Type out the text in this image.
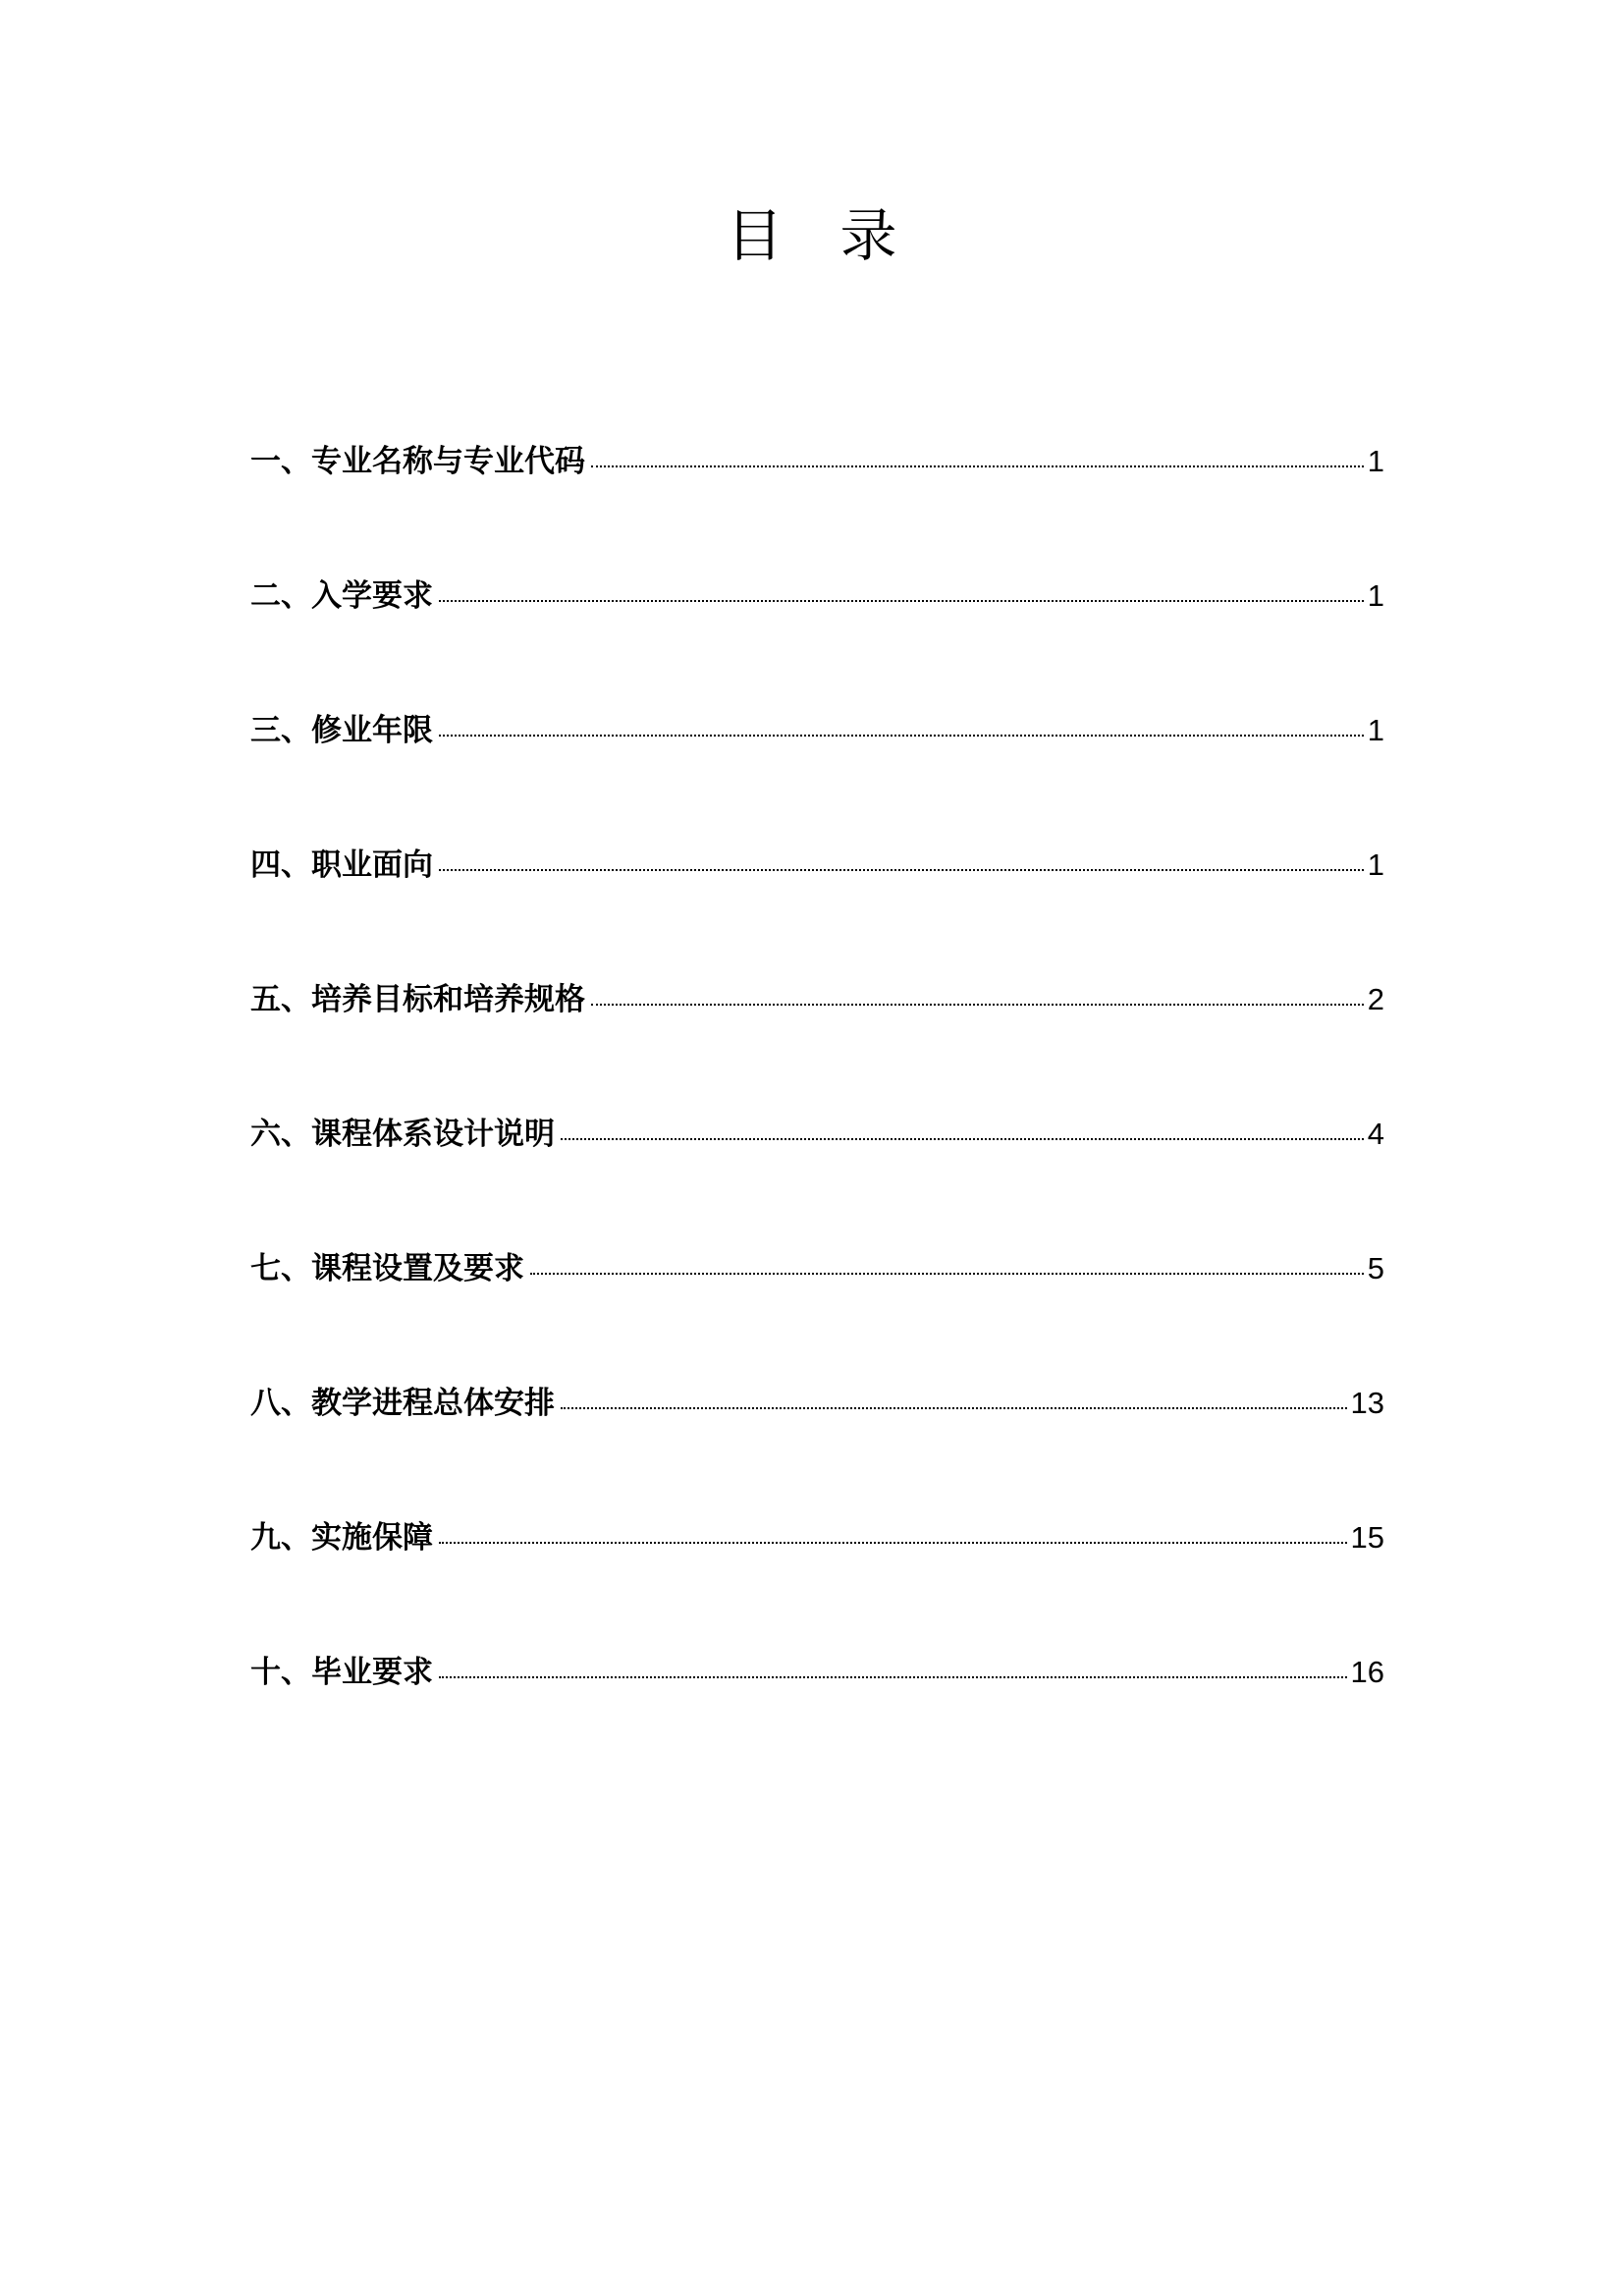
目 录
一、专业名称与专业代码	1
二、入学要求	1
三、修业年限	1
四、职业面向	1
五、培养目标和培养规格	2
六、课程体系设计说明	4
七、课程设置及要求	5
八、教学进程总体安排	13
九、实施保障	15
十、毕业要求	16
